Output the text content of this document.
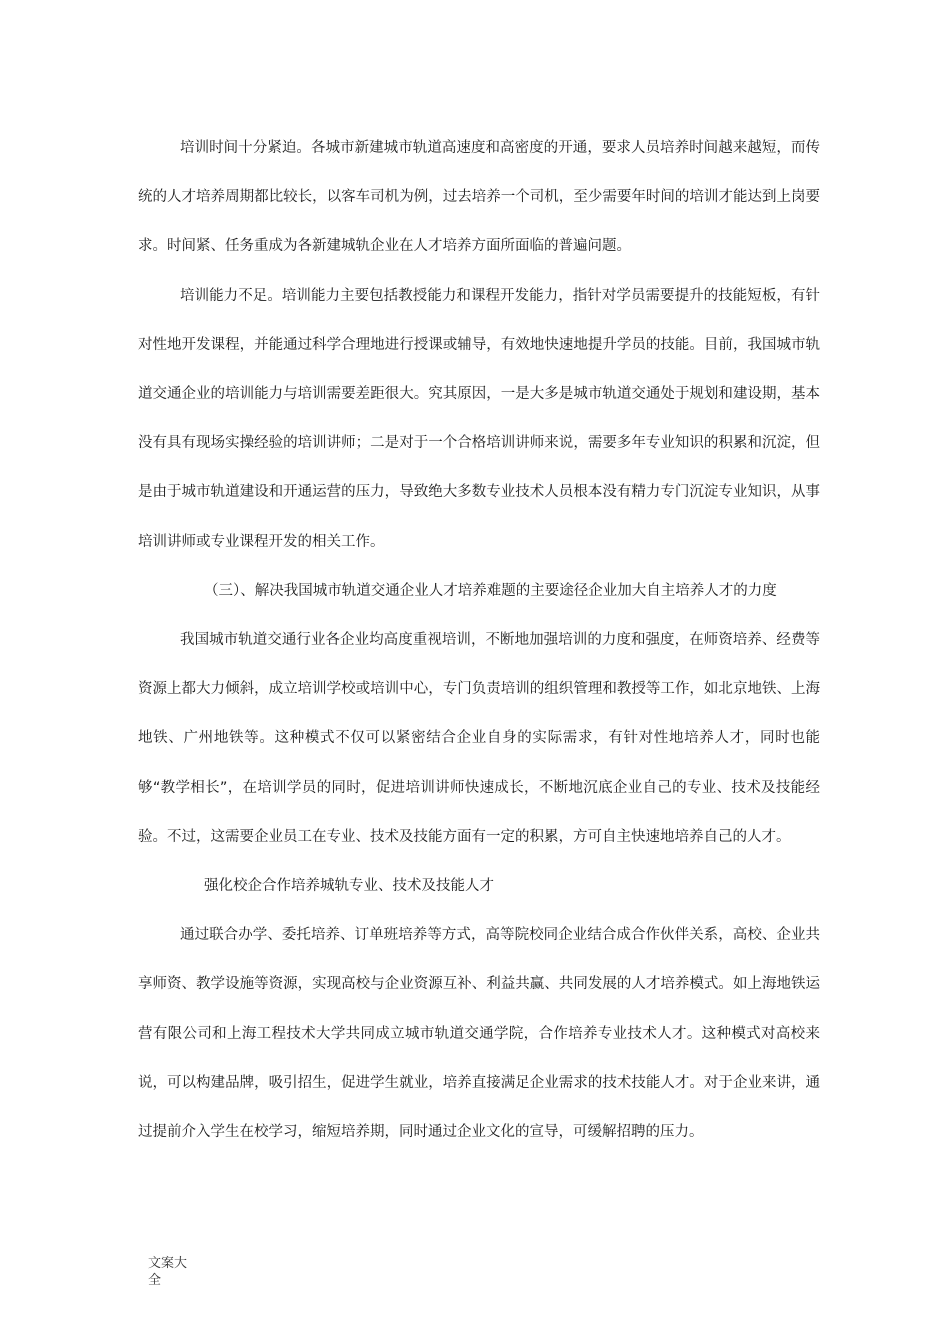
培训时间十分紧迫。各城市新建城市轨道高速度和高密度的开通，要求人员培养时间越来越短，而传统的人才培养周期都比较长，以客车司机为例，过去培养一个司机，至少需要年时间的培训才能达到上岗要求。时间紧、任务重成为各新建城轨企业在人才培养方面所面临的普遍问题。

培训能力不足。培训能力主要包括教授能力和课程开发能力，指针对学员需要提升的技能短板，有针对性地开发课程，并能通过科学合理地进行授课或辅导，有效地快速地提升学员的技能。目前，我国城市轨道交通企业的培训能力与培训需要差距很大。究其原因，一是大多是城市轨道交通处于规划和建设期，基本没有具有现场实操经验的培训讲师；二是对于一个合格培训讲师来说，需要多年专业知识的积累和沉淀，但是由于城市轨道建设和开通运营的压力，导致绝大多数专业技术人员根本没有精力专门沉淀专业知识，从事培训讲师或专业课程开发的相关工作。

（三）、解决我国城市轨道交通企业人才培养难题的主要途径企业加大自主培养人才的力度

我国城市轨道交通行业各企业均高度重视培训，不断地加强培训的力度和强度，在师资培养、经费等资源上都大力倾斜，成立培训学校或培训中心，专门负责培训的组织管理和教授等工作，如北京地铁、上海地铁、广州地铁等。这种模式不仅可以紧密结合企业自身的实际需求，有针对性地培养人才，同时也能够“教学相长”，在培训学员的同时，促进培训讲师快速成长，不断地沉底企业自己的专业、技术及技能经验。不过，这需要企业员工在专业、技术及技能方面有一定的积累，方可自主快速地培养自己的人才。

强化校企合作培养城轨专业、技术及技能人才

通过联合办学、委托培养、订单班培养等方式，高等院校同企业结合成合作伙伴关系，高校、企业共享师资、教学设施等资源，实现高校与企业资源互补、利益共赢、共同发展的人才培养模式。如上海地铁运营有限公司和上海工程技术大学共同成立城市轨道交通学院，合作培养专业技术人才。这种模式对高校来说，可以构建品牌，吸引招生，促进学生就业，培养直接满足企业需求的技术技能人才。对于企业来讲，通过提前介入学生在校学习，缩短培养期，同时通过企业文化的宣导，可缓解招聘的压力。

文案大全
